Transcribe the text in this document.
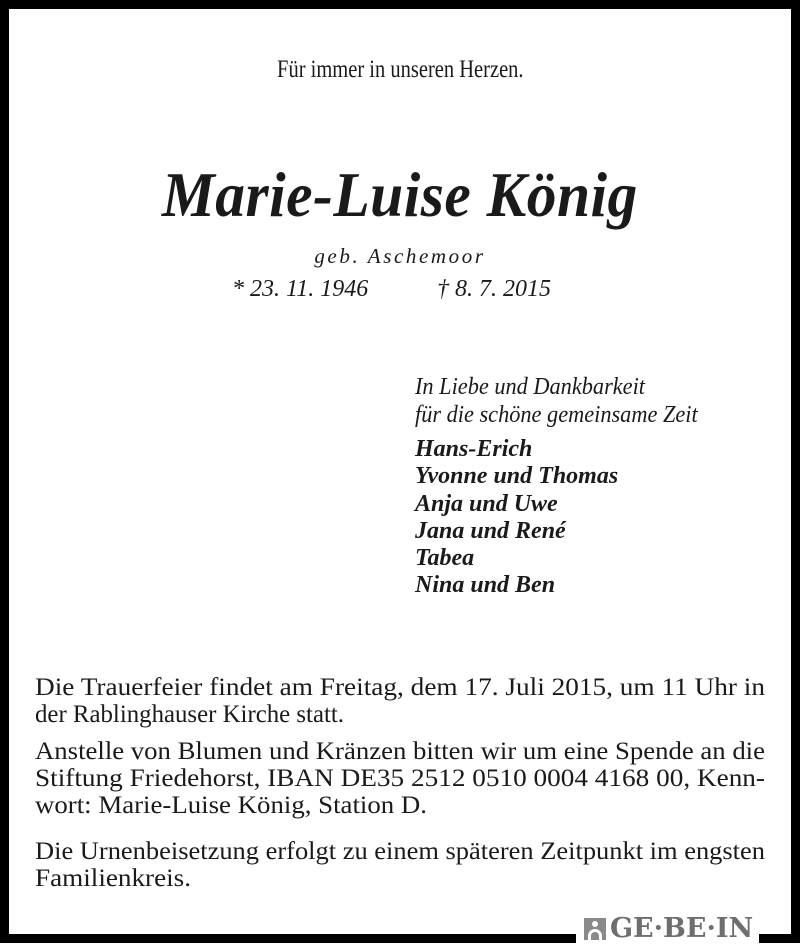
Für immer in unseren Herzen.
Marie-Luise König
geb. Aschemoor
* 23. 11. 1946	† 8. 7. 2015
In Liebe und Dankbarkeit
für die schöne gemeinsame Zeit
Hans-Erich
Yvonne und Thomas
Anja und Uwe
Jana und René
Tabea
Nina und Ben
Die Trauerfeier findet am Freitag, dem 17. Juli 2015, um 11 Uhr in
der Rablinghauser Kirche statt.
Anstelle von Blumen und Kränzen bitten wir um eine Spende an die
Stiftung Friedehorst, IBAN DE35 2512 0510 0004 4168 00, Kenn-
wort: Marie-Luise König, Station D.
Die Urnenbeisetzung erfolgt zu einem späteren Zeitpunkt im engsten
Familienkreis.
GE·BE·IN
